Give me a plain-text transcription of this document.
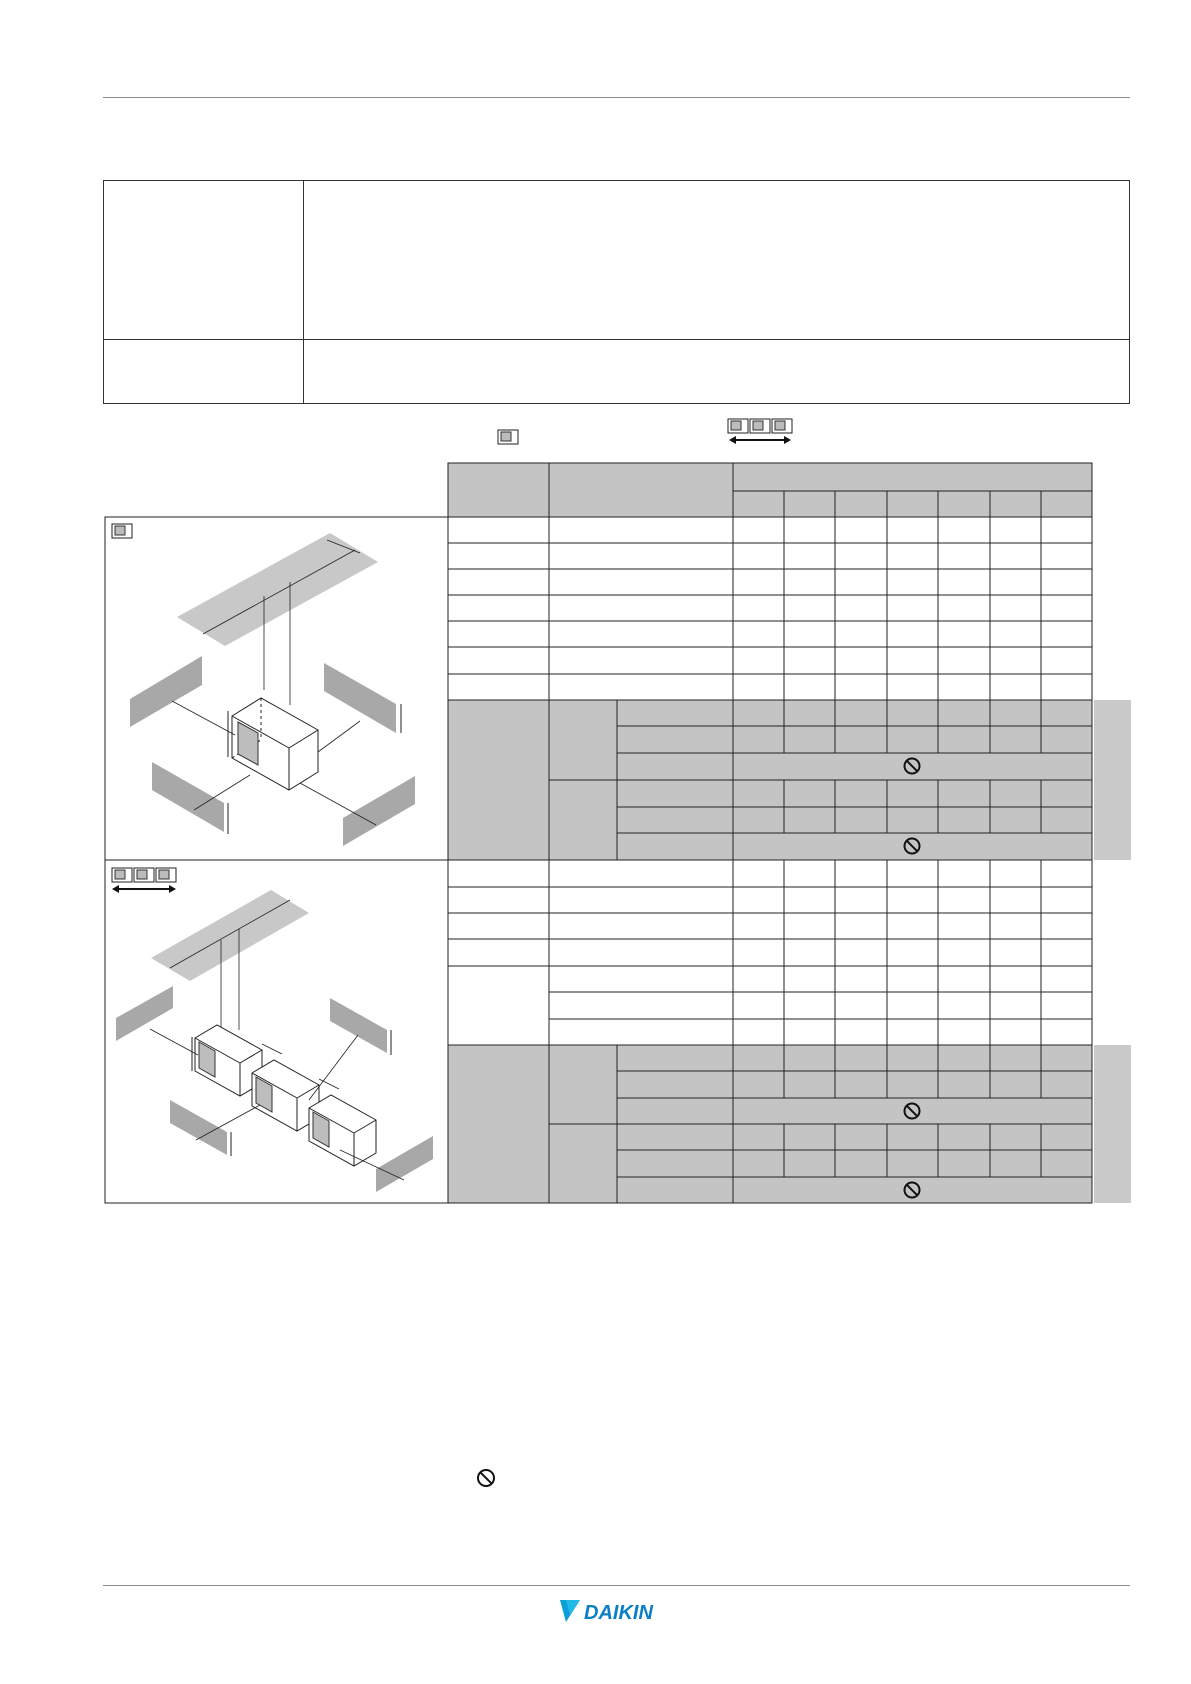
DAIKIN
